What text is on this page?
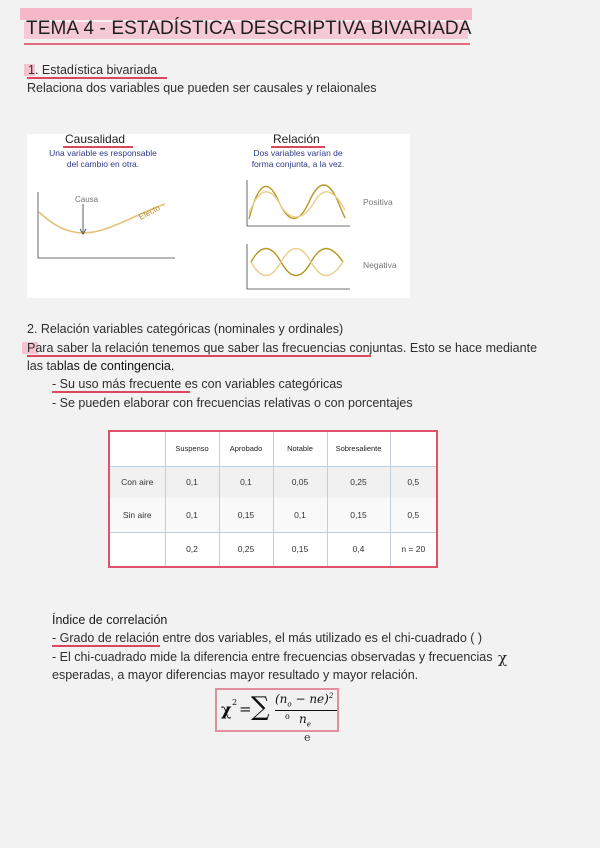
TEMA 4 - ESTADÍSTICA DESCRIPTIVA BIVARIADA
1. Estadística bivariada
Relaciona dos variables que pueden ser causales y relaionales
Causalidad
Una variable es responsable
del cambio en otra.
Relación
Dos variables varían de
forma conjunta, a la vez.
Causa
Efecto
Positiva
Negativa
2. Relación variables categóricas (nominales y ordinales)
Para saber la relación tenemos que saber las frecuencias conjuntas. Esto se hace mediante
las tablas de contingencia.
- Su uso más frecuente es con variables categóricas
- Se pueden elaborar con frecuencias relativas o con porcentajes
	Suspenso	Aprobado	Notable	Sobresaliente	
Con aire	0,1	0,1	0,05	0,25	0,5
Sin aire	0,1	0,15	0,1	0,15	0,5
	0,2	0,25	0,15	0,4	n = 20
Índice de correlación
- Grado de relación entre dos variables, el más utilizado es el chi-cuadrado ( )
- El chi-cuadrado mide la diferencia entre frecuencias observadas y frecuencias χ
esperadas, a mayor diferencias mayor resultado y mayor relación.
χ 2 = ∑ $(n_o - ne)^2$
o $n_e$
e
